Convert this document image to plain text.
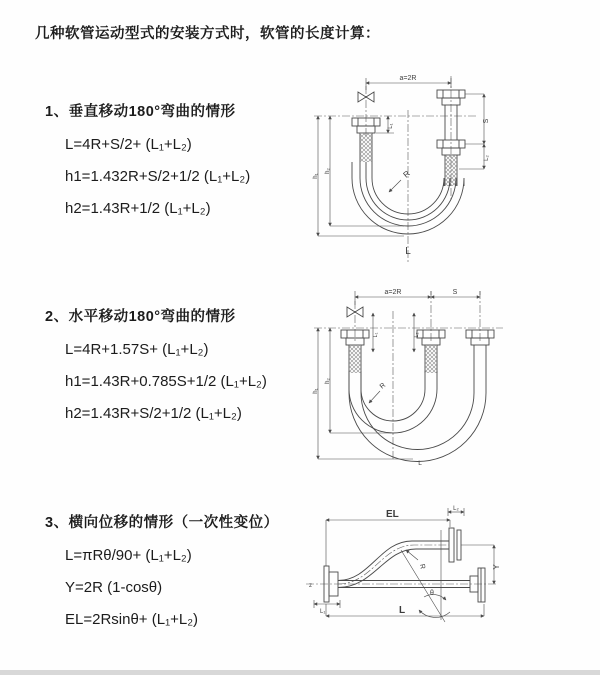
几种软管运动型式的安装方式时，软管的长度计算：
1、垂直移动180°弯曲的情形
L=4R+S/2+ (L₁+L₂)
h1=1.432R+S/2+1/2 (L₁+L₂)
h2=1.43R+1/2 (L₁+L₂)
2、水平移动180°弯曲的情形
L=4R+1.57S+ (L₁+L₂)
h1=1.43R+0.785S+1/2 (L₁+L₂)
h2=1.43R+S/2+1/2 (L₁+L₂)
3、横向位移的情形（一次性变位）
L=πRθ/90+ (L₁+L₂)
Y=2R (1-cosθ)
EL=2Rsinθ+ (L₁+L₂)
a=2R
h₁
h₂
L₁
S
L₂
R
L
a=2R	S
h₁
h₂
L₁	L₂
R
L
EL	L₂
Y
L
L₁
R
θ
z
